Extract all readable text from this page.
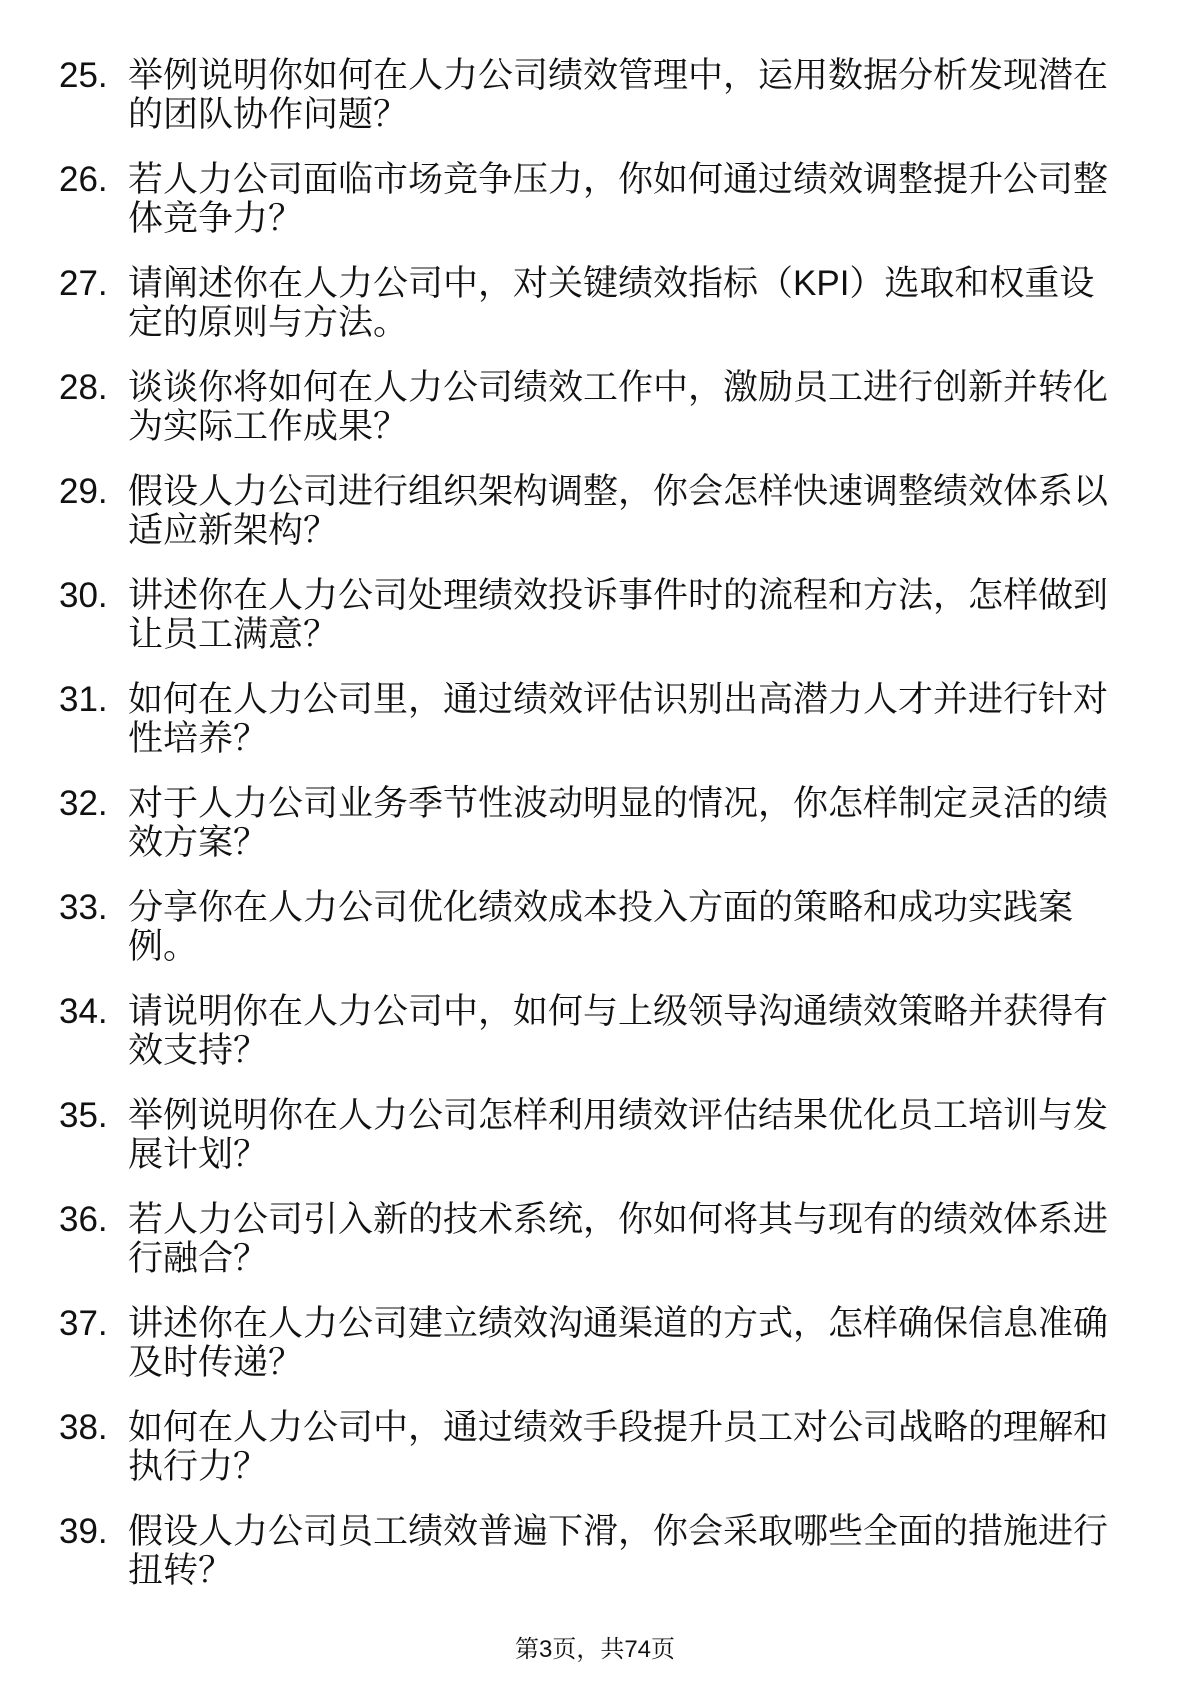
25. 举例说明你如何在人力公司绩效管理中，运用数据分析发现潜在的团队协作问题？
26. 若人力公司面临市场竞争压力，你如何通过绩效调整提升公司整体竞争力？
27. 请阐述你在人力公司中，对关键绩效指标（KPI）选取和权重设定的原则与方法。
28. 谈谈你将如何在人力公司绩效工作中，激励员工进行创新并转化为实际工作成果？
29. 假设人力公司进行组织架构调整，你会怎样快速调整绩效体系以适应新架构？
30. 讲述你在人力公司处理绩效投诉事件时的流程和方法，怎样做到让员工满意？
31. 如何在人力公司里，通过绩效评估识别出高潜力人才并进行针对性培养？
32. 对于人力公司业务季节性波动明显的情况，你怎样制定灵活的绩效方案？
33. 分享你在人力公司优化绩效成本投入方面的策略和成功实践案例。
34. 请说明你在人力公司中，如何与上级领导沟通绩效策略并获得有效支持？
35. 举例说明你在人力公司怎样利用绩效评估结果优化员工培训与发展计划？
36. 若人力公司引入新的技术系统，你如何将其与现有的绩效体系进行融合？
37. 讲述你在人力公司建立绩效沟通渠道的方式，怎样确保信息准确及时传递？
38. 如何在人力公司中，通过绩效手段提升员工对公司战略的理解和执行力？
39. 假设人力公司员工绩效普遍下滑，你会采取哪些全面的措施进行扭转？
第3页，共74页
